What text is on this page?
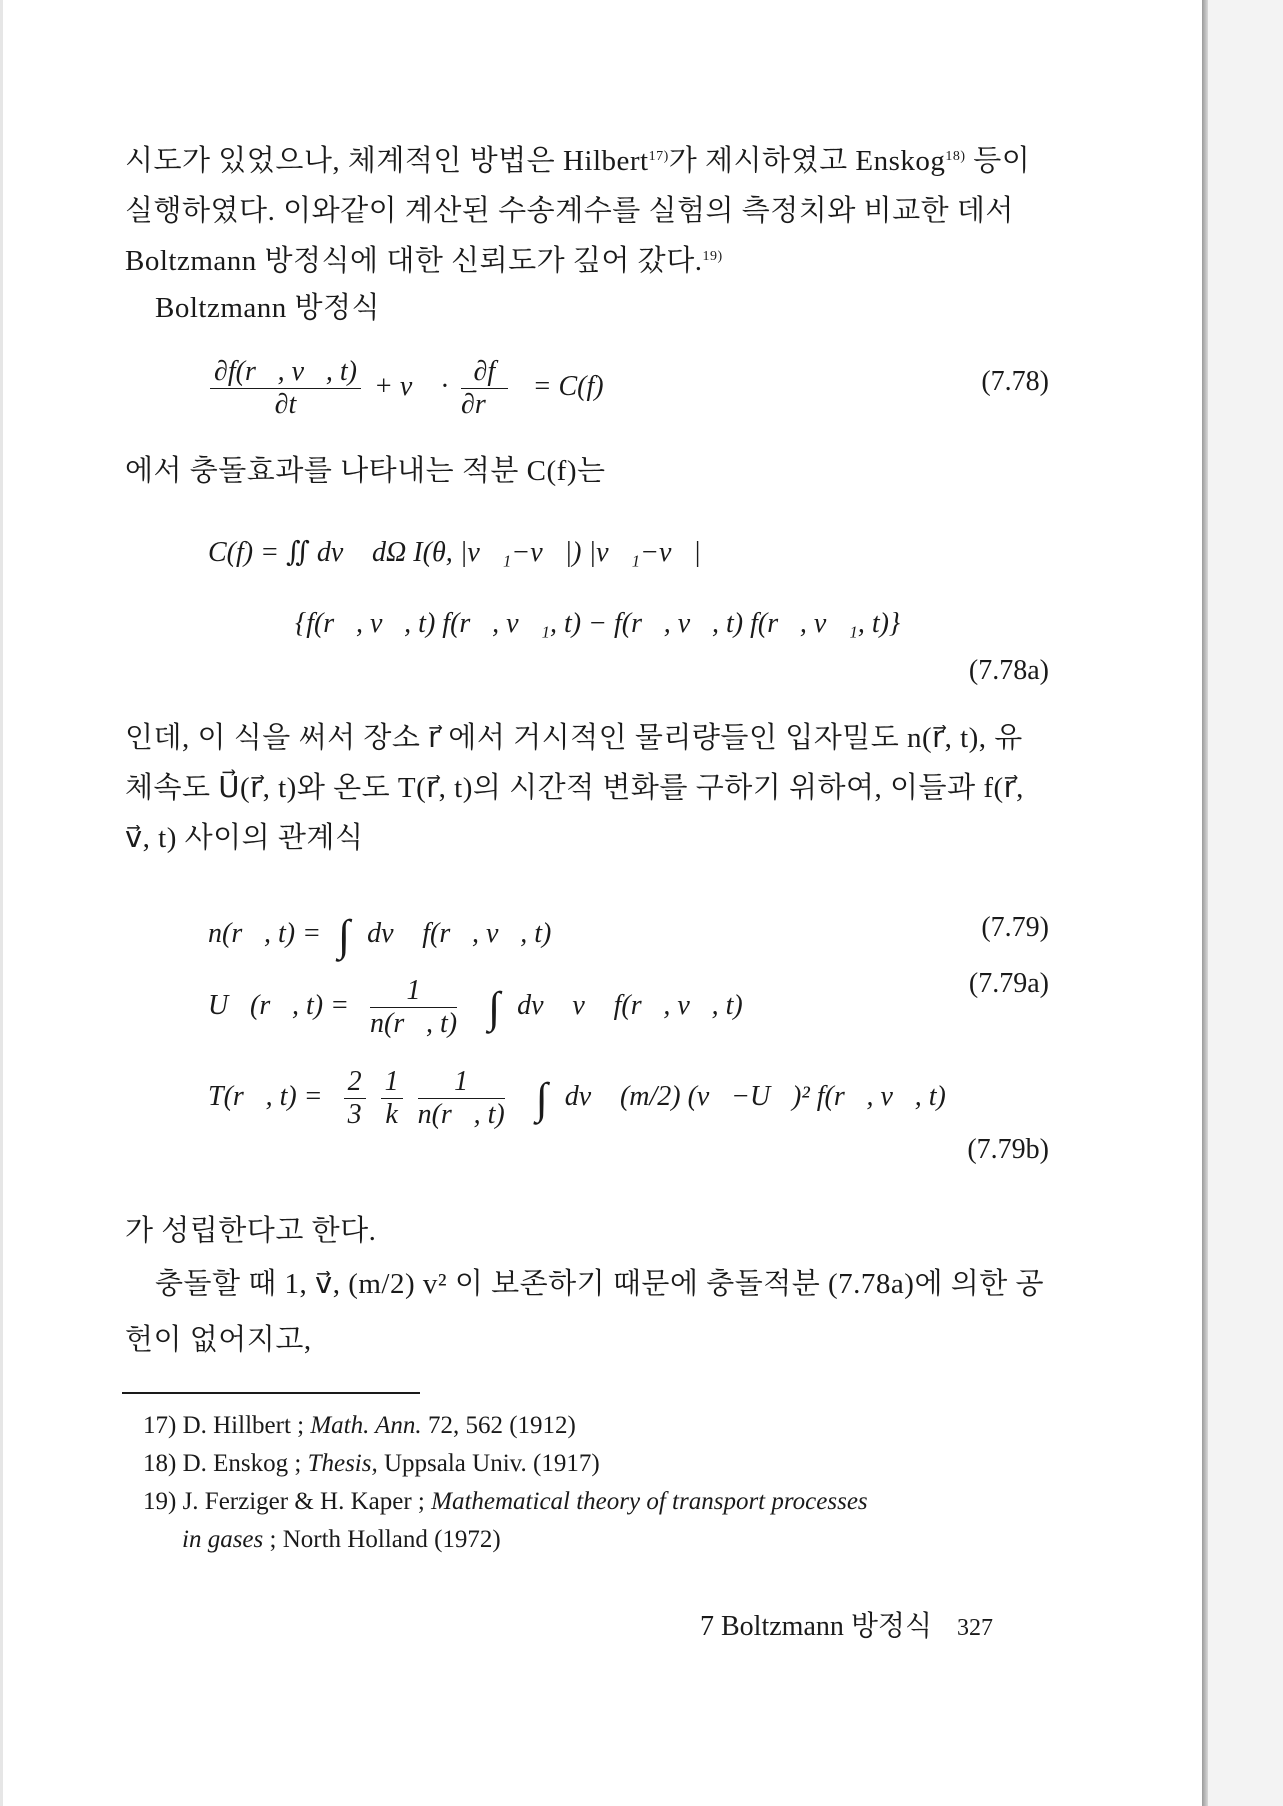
시도가 있었으나, 체계적인 방법은 Hilbert$^{17)}$가 제시하였고 Enskog$^{18)}$ 등이 실행하였다. 이와같이 계산된 수송계수를 실험의 측정치와 비교한 데서 Boltzmann 방정식에 대한 신뢰도가 깊어 갔다.$^{19)}$
Boltzmann 방정식
$\frac{\partial f(r⃗, v⃗, t)}{\partial t}$ + v⃗ · $\frac{\partial f}{\partial r⃗} = C(f)$	(7.78)
에서 충돌효과를 나타내는 적분 C(f)는
C(f) = ∬ dv⃗ dΩ I(θ, |v⃗₁−v⃗|) |v⃗₁−v⃗|
{f(r⃗, v⃗, t) f(r⃗, v⃗₁, t) − f(r⃗, v⃗, t) f(r⃗, v⃗₁, t)}
(7.78a)
인데, 이 식을 써서 장소 r⃗ 에서 거시적인 물리량들인 입자밀도 n(r⃗, t), 유체속도 U⃗(r⃗, t)와 온도 T(r⃗, t)의 시간적 변화를 구하기 위하여, 이들과 f(r⃗, v⃗, t) 사이의 관계식
n(r⃗, t) = ∫ dv⃗ f(r⃗, v⃗, t)	(7.79)
U⃗(r⃗, $t) = \frac{1}{n(r⃗, t)}$ ∫ dv⃗ v⃗ f(r⃗, v⃗, t)
(7.79a)
T(r⃗, $t) = \frac{2}{3}$
$\frac{1}{k}$
$\frac{1}{n(r⃗, t)}$ ∫ dv⃗ (m/2) (v⃗−U⃗)² f(r⃗, v⃗, t)
(7.79b)
가 성립한다고 한다.
충돌할 때 1, v⃗, (m/2) v² 이 보존하기 때문에 충돌적분 (7.78a)에 의한 공헌이 없어지고,
17) D. Hillbert ; Math. Ann. 72, 562 (1912)
18) D. Enskog ; Thesis, Uppsala Univ. (1917)
19) J. Ferziger & H. Kaper ; Mathematical theory of transport processes
in gases ; North Holland (1972)
7 Boltzmann 방정식 327
